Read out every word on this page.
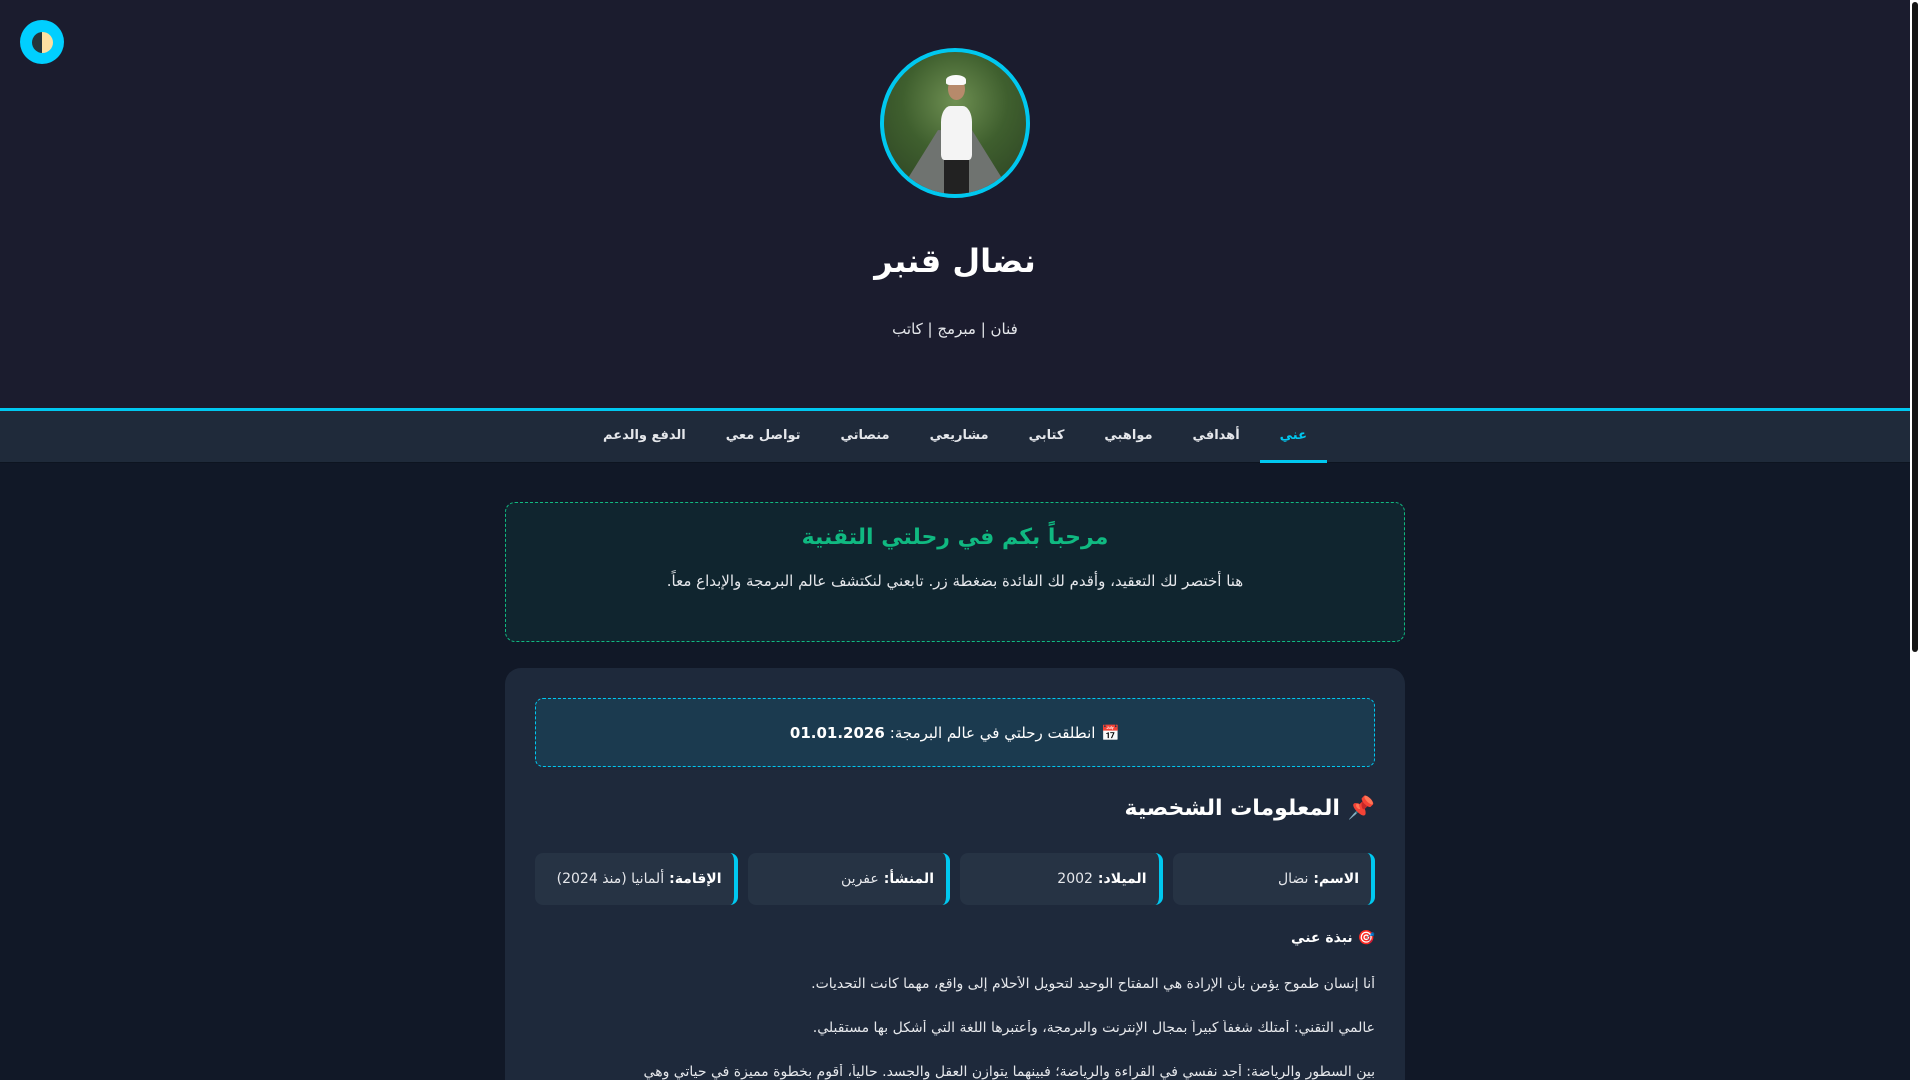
نضال قنبر
فنان | مبرمج | كاتب
عني
أهدافي
مواهبي
كتابي
مشاريعي
منصاتي
تواصل معي
الدفع والدعم
مرحباً بكم في رحلتي التقنية

هنا أختصر لك التعقيد، وأقدم لك الفائدة بضغطة زر. تابعني لنكتشف عالم البرمجة والإبداع معاً.

📅
انطلقت رحلتي في عالم البرمجة:
01.01.2026
📌 المعلومات الشخصية
الاسم:
نضال
الميلاد:
2002
المنشأ:
عفرين
الإقامة:
ألمانيا (منذ 2024)
🎯 نبذة عني

أنا إنسان طموح يؤمن بأن الإرادة هي المفتاح الوحيد لتحويل الأحلام إلى واقع، مهما كانت التحديات.

عالمي التقني: أمتلك شغفاً كبيراً بمجال الإنترنت والبرمجة، وأعتبرها اللغة التي أشكل بها مستقبلي.

بين السطور والرياضة: أجد نفسي في القراءة والرياضة؛ فبينهما يتوازن العقل والجسد. حالياً، أقوم بخطوة مميزة في حياتي وهي
